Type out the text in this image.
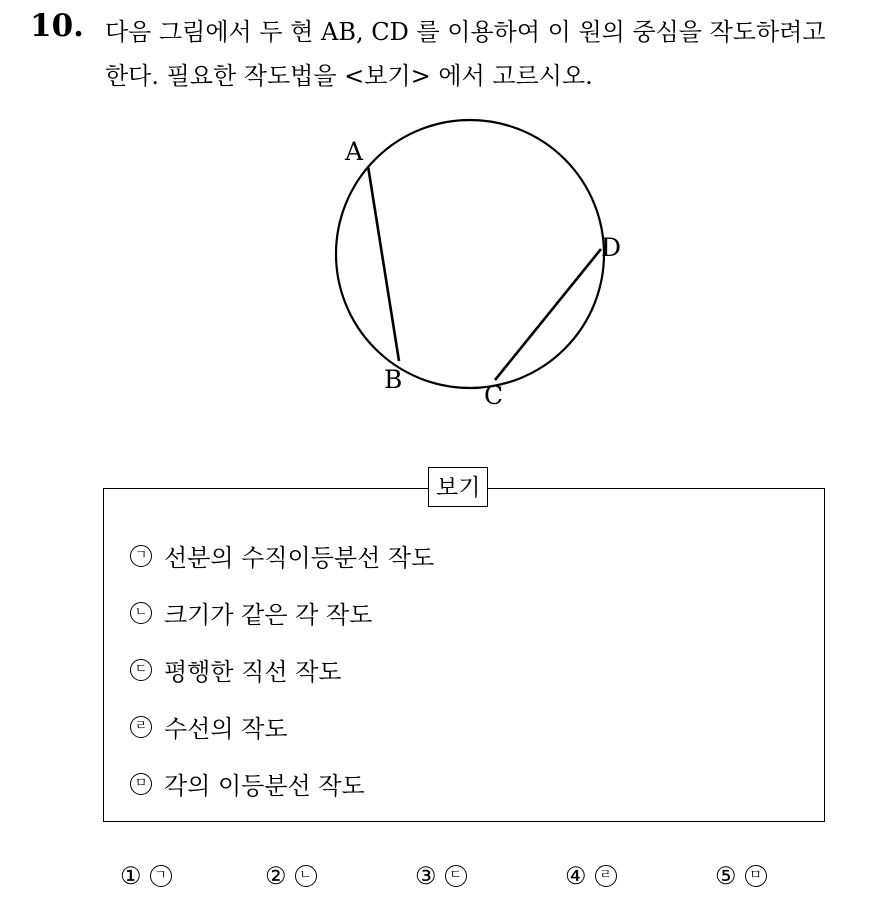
10. 다음 그림에서 두 현 AB, CD 를 이용하여 이 원의 중심을 작도하려고
한다. 필요한 작도법을 <보기> 에서 고르시오.
A
B
C
D
보기
ㄱ 선분의 수직이등분선 작도
ㄴ 크기가 같은 각 작도
ㄷ 평행한 직선 작도
ㄹ 수선의 작도
ㅁ 각의 이등분선 작도
① ㄱ	② ㄴ	③ ㄷ	④ ㄹ	⑤ ㅁ
